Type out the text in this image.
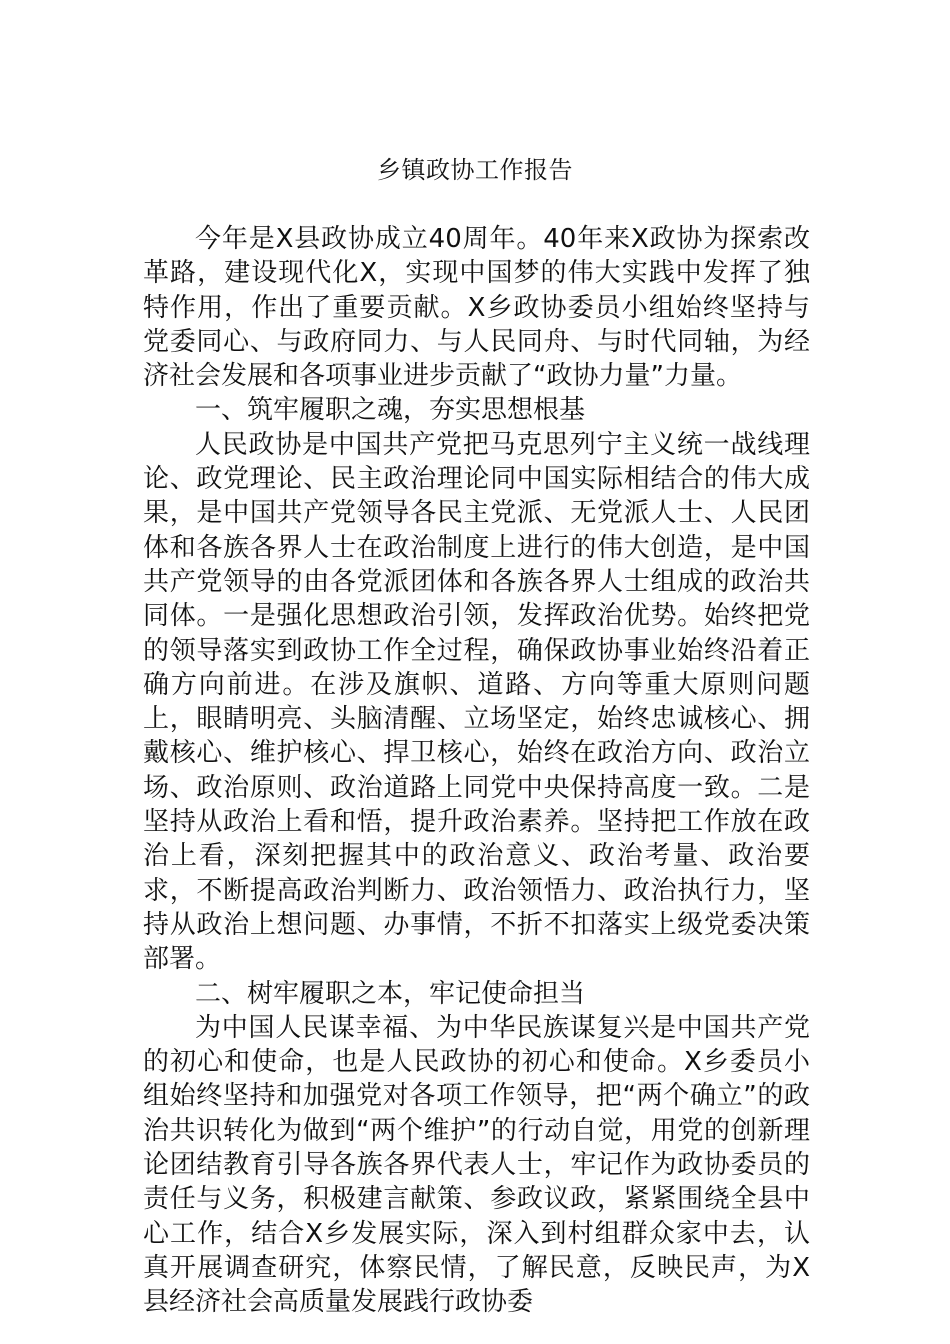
乡镇政协工作报告

今年是X县政协成立40周年。40年来X政协为探索改革路，建设现代化X，实现中国梦的伟大实践中发挥了独特作用，作出了重要贡献。X乡政协委员小组始终坚持与党委同心、与政府同力、与人民同舟、与时代同轴，为经济社会发展和各项事业进步贡献了“政协力量”力量。

一、筑牢履职之魂，夯实思想根基

人民政协是中国共产党把马克思列宁主义统一战线理论、政党理论、民主政治理论同中国实际相结合的伟大成果，是中国共产党领导各民主党派、无党派人士、人民团体和各族各界人士在政治制度上进行的伟大创造，是中国共产党领导的由各党派团体和各族各界人士组成的政治共同体。一是强化思想政治引领，发挥政治优势。始终把党的领导落实到政协工作全过程，确保政协事业始终沿着正确方向前进。在涉及旗帜、道路、方向等重大原则问题上，眼睛明亮、头脑清醒、立场坚定，始终忠诚核心、拥戴核心、维护核心、捍卫核心，始终在政治方向、政治立场、政治原则、政治道路上同党中央保持高度一致。二是坚持从政治上看和悟，提升政治素养。坚持把工作放在政治上看，深刻把握其中的政治意义、政治考量、政治要求，不断提高政治判断力、政治领悟力、政治执行力，坚持从政治上想问题、办事情，不折不扣落实上级党委决策部署。

二、树牢履职之本，牢记使命担当

为中国人民谋幸福、为中华民族谋复兴是中国共产党的初心和使命，也是人民政协的初心和使命。X乡委员小组始终坚持和加强党对各项工作领导，把“两个确立”的政治共识转化为做到“两个维护”的行动自觉，用党的创新理论团结教育引导各族各界代表人士，牢记作为政协委员的责任与义务，积极建言献策、参政议政，紧紧围绕全县中心工作，结合X乡发展实际，深入到村组群众家中去，认真开展调查研究，体察民情，了解民意，反映民声，为X县经济社会高质量发展践行政协委
